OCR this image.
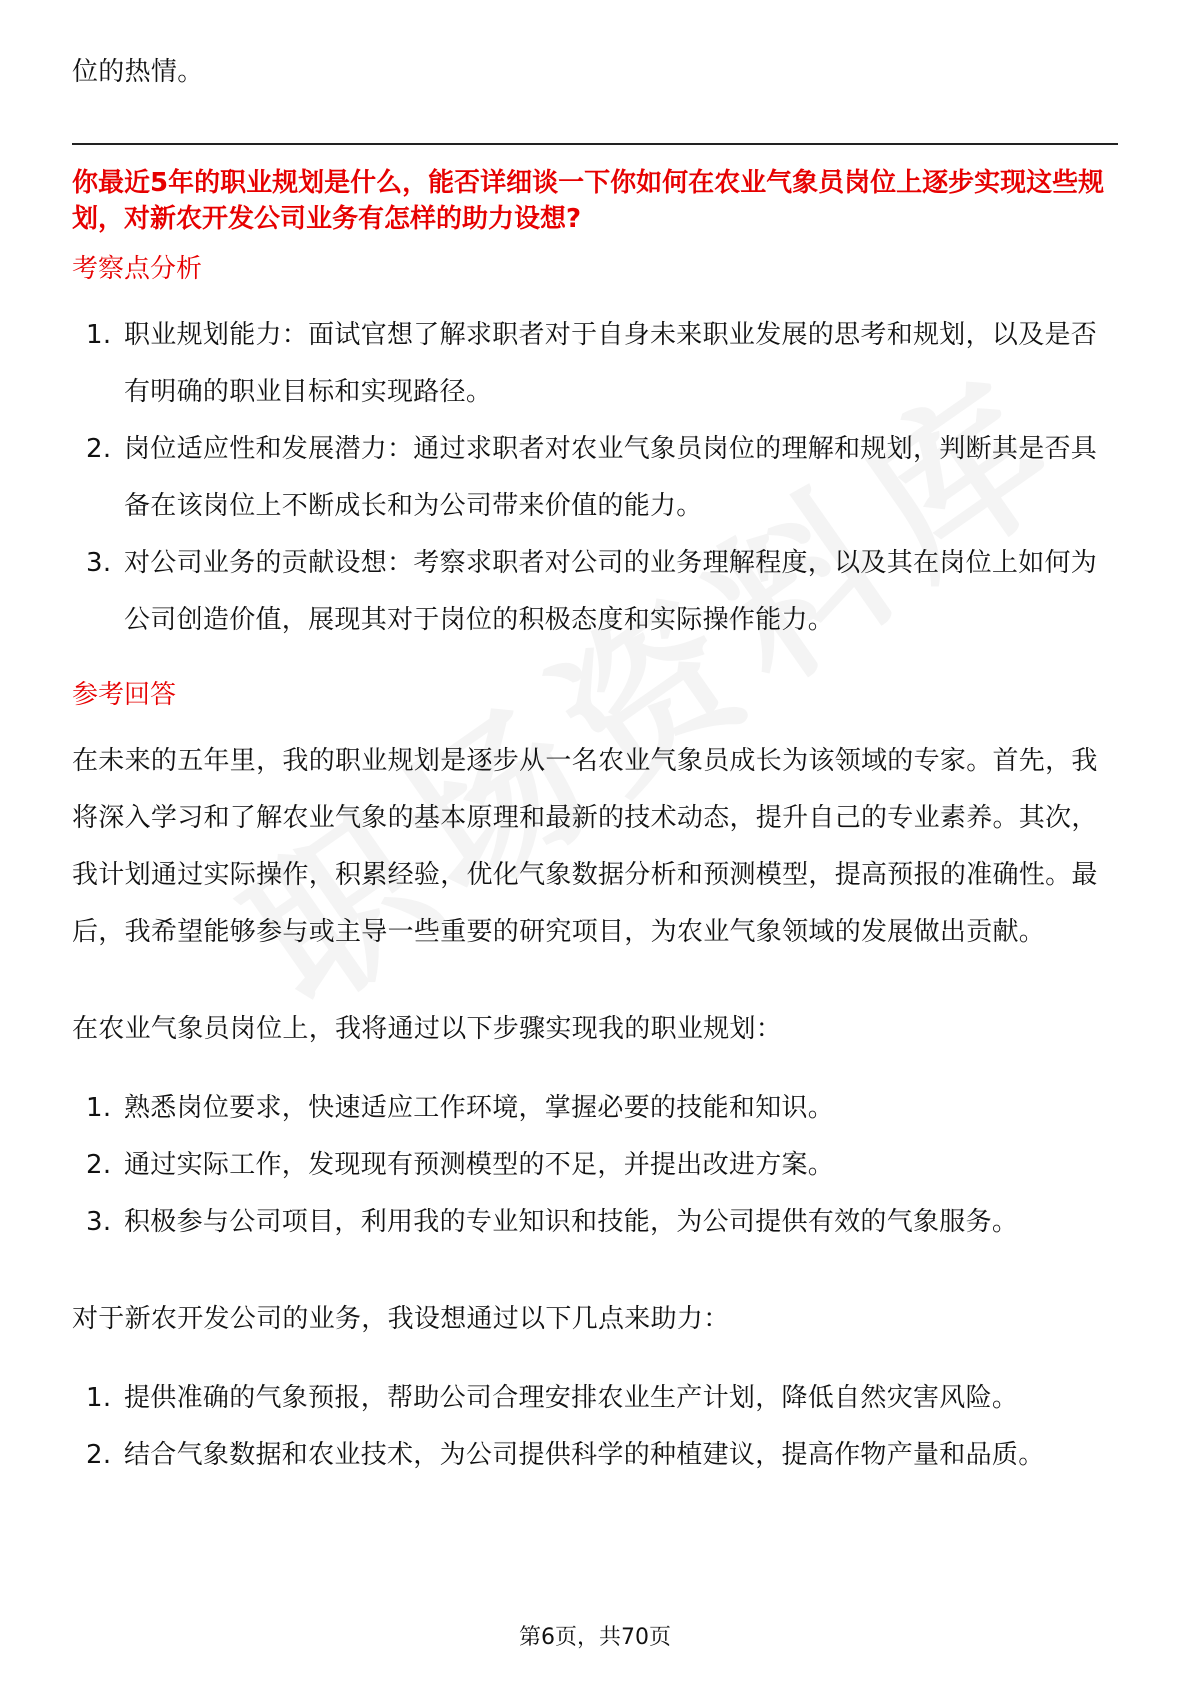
位的热情。

你最近5年的职业规划是什么，能否详细谈一下你如何在农业气象员岗位上逐步实现这些规划，对新农开发公司业务有怎样的助力设想?

考察点分析

1. 职业规划能力：面试官想了解求职者对于自身未来职业发展的思考和规划，以及是否有明确的职业目标和实现路径。
2. 岗位适应性和发展潜力：通过求职者对农业气象员岗位的理解和规划，判断其是否具备在该岗位上不断成长和为公司带来价值的能力。
3. 对公司业务的贡献设想：考察求职者对公司的业务理解程度，以及其在岗位上如何为公司创造价值，展现其对于岗位的积极态度和实际操作能力。

参考回答

在未来的五年里，我的职业规划是逐步从一名农业气象员成长为该领域的专家。首先，我将深入学习和了解农业气象的基本原理和最新的技术动态，提升自己的专业素养。其次，我计划通过实际操作，积累经验，优化气象数据分析和预测模型，提高预报的准确性。最后，我希望能够参与或主导一些重要的研究项目，为农业气象领域的发展做出贡献。

在农业气象员岗位上，我将通过以下步骤实现我的职业规划：

1. 熟悉岗位要求，快速适应工作环境，掌握必要的技能和知识。
2. 通过实际工作，发现现有预测模型的不足，并提出改进方案。
3. 积极参与公司项目，利用我的专业知识和技能，为公司提供有效的气象服务。

对于新农开发公司的业务，我设想通过以下几点来助力：

1. 提供准确的气象预报，帮助公司合理安排农业生产计划，降低自然灾害风险。
2. 结合气象数据和农业技术，为公司提供科学的种植建议，提高作物产量和品质。
第6页，共70页
